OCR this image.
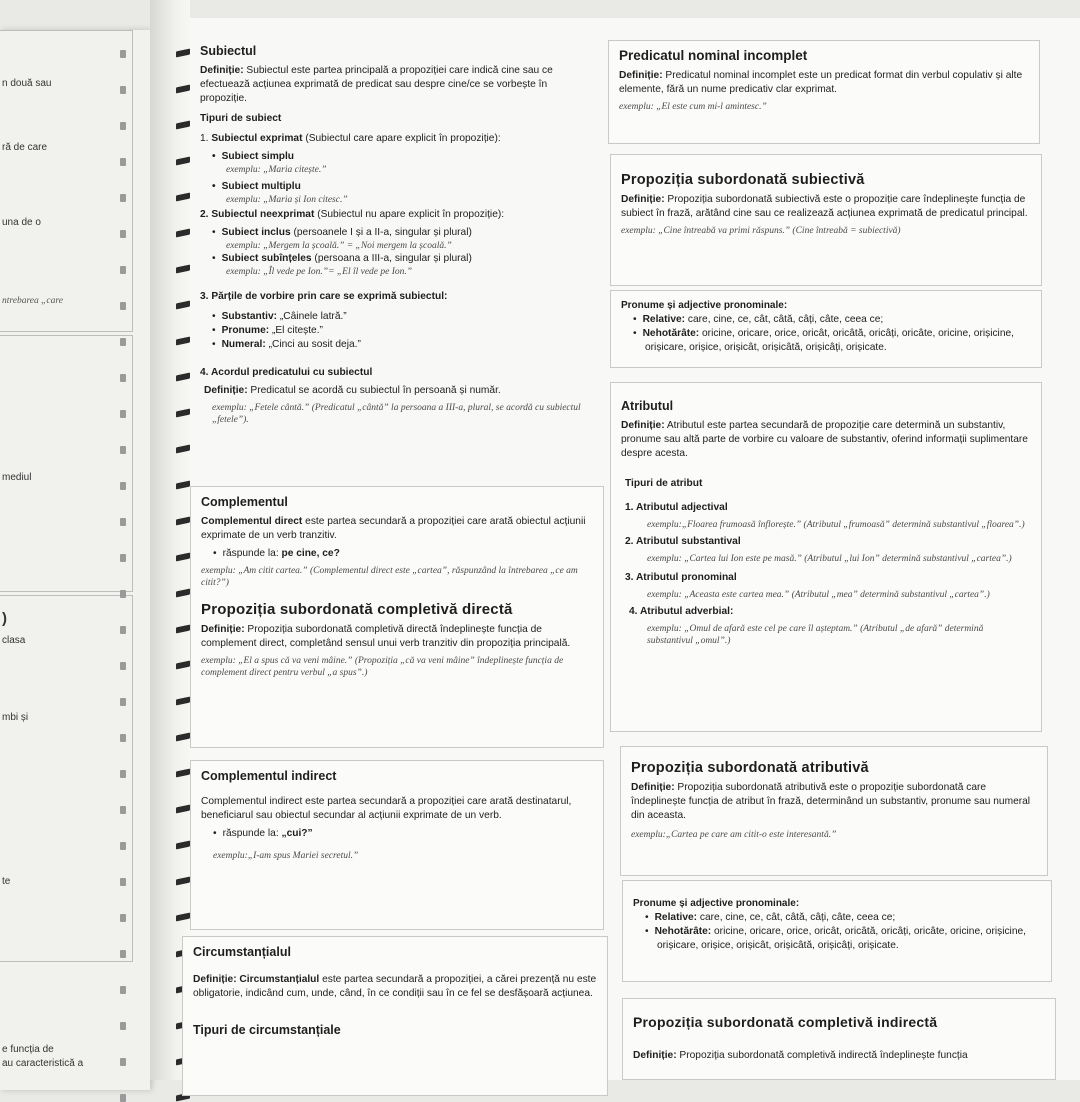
n două sau
ră de care
una de o
ntrebarea „care
mediul
)
clasa
mbi și
te
e funcția de
au caracteristică a
Subiectul

Definiție: Subiectul este partea principală a propoziției care indică cine sau ce efectuează acțiunea exprimată de predicat sau despre cine/ce se vorbește în propoziție.

Tipuri de subiect

1. Subiectul exprimat (Subiectul care apare explicit în propoziție):

• Subiect simplu
exemplu: „Maria citește.”
• Subiect multiplu
exemplu: „Maria și Ion citesc.”

2. Subiectul neexprimat (Subiectul nu apare explicit în propoziție):

• Subiect inclus (persoanele I și a II-a, singular și plural)
exemplu: „Mergem la școală.” = „Noi mergem la școală.”
• Subiect subînțeles (persoana a III-a, singular și plural)
exemplu: „Îl vede pe Ion.”= „El îl vede pe Ion.”

3. Părțile de vorbire prin care se exprimă subiectul:

• Substantiv: „Câinele latră.”
• Pronume: „El citește.”
• Numeral: „Cinci au sosit deja.”

4. Acordul predicatului cu subiectul

Definiție: Predicatul se acordă cu subiectul în persoană și număr.

exemplu: „Fetele cântă.” (Predicatul „cântă” la persoana a III-a, plural, se acordă cu subiectul „fetele”).

Complementul

Complementul direct este partea secundară a propoziției care arată obiectul acțiunii exprimate de un verb tranzitiv.

• răspunde la: pe cine, ce?

exemplu: „Am citit cartea.” (Complementul direct este „cartea”, răspunzând la întrebarea „ce am citit?”)

Propoziția subordonată completivă directă

Definiție: Propoziția subordonată completivă directă îndeplinește funcția de complement direct, completând sensul unui verb tranzitiv din propoziția principală.

exemplu: „El a spus că va veni mâine.” (Propoziția „că va veni mâine” îndeplinește funcția de complement direct pentru verbul „a spus”.)

Complementul indirect

Complementul indirect este partea secundară a propoziției care arată destinatarul, beneficiarul sau obiectul secundar al acțiunii exprimate de un verb.

• răspunde la: „cui?”

exemplu:„I-am spus Mariei secretul.”

Circumstanțialul

Definiție: Circumstanțialul este partea secundară a propoziției, a cărei prezență nu este obligatorie, indicând cum, unde, când, în ce condiții sau în ce fel se desfășoară acțiunea.

Tipuri de circumstanțiale
Predicatul nominal incomplet

Definiție: Predicatul nominal incomplet este un predicat format din verbul copulativ și alte elemente, fără un nume predicativ clar exprimat.

exemplu: „El este cum mi-l amintesc.”

Propoziția subordonată subiectivă

Definiție: Propoziția subordonată subiectivă este o propoziție care îndeplinește funcția de subiect în frază, arătând cine sau ce realizează acțiunea exprimată de predicatul principal.

exemplu: „Cine întreabă va primi răspuns.” (Cine întreabă = subiectivă)

Pronume și adjective pronominale:
• Relative: care, cine, ce, cât, câtă, câți, câte, ceea ce;
• Nehotărâte: oricine, oricare, orice, oricât, oricâtă, oricâți, oricâte, oricine, orișicine, orișicare, orișice, orișicât, orișicâtă, orișicâți, orișicate.
Atributul

Definiție: Atributul este partea secundară de propoziție care determină un substantiv, pronume sau altă parte de vorbire cu valoare de substantiv, oferind informații suplimentare despre acesta.

Tipuri de atribut

1. Atributul adjectival

exemplu:„Floarea frumoasă înflorește.” (Atributul „frumoasă” determină substantivul „floarea”.)

2. Atributul substantival

exemplu: „Cartea lui Ion este pe masă.” (Atributul „lui Ion” determină substantivul „cartea”.)

3. Atributul pronominal

exemplu: „Aceasta este cartea mea.” (Atributul „mea” determină substantivul „cartea”.)

4. Atributul adverbial:

exemplu: „Omul de afară este cel pe care îl așteptam.” (Atributul „de afară” determină substantivul „omul”.)

Propoziția subordonată atributivă

Definiție: Propoziția subordonată atributivă este o propoziție subordonată care îndeplinește funcția de atribut în frază, determinând un substantiv, pronume sau numeral din aceasta.

exemplu:„Cartea pe care am citit-o este interesantă.”

Pronume și adjective pronominale:
• Relative: care, cine, ce, cât, câtă, câți, câte, ceea ce;
• Nehotărâte: oricine, oricare, orice, oricât, oricâtă, oricâți, oricâte, oricine, orișicine, orișicare, orișice, orișicât, orișicâtă, orișicâți, orișicate.
Propoziția subordonată completivă indirectă

Definiție: Propoziția subordonată completivă indirectă îndeplinește funcția
